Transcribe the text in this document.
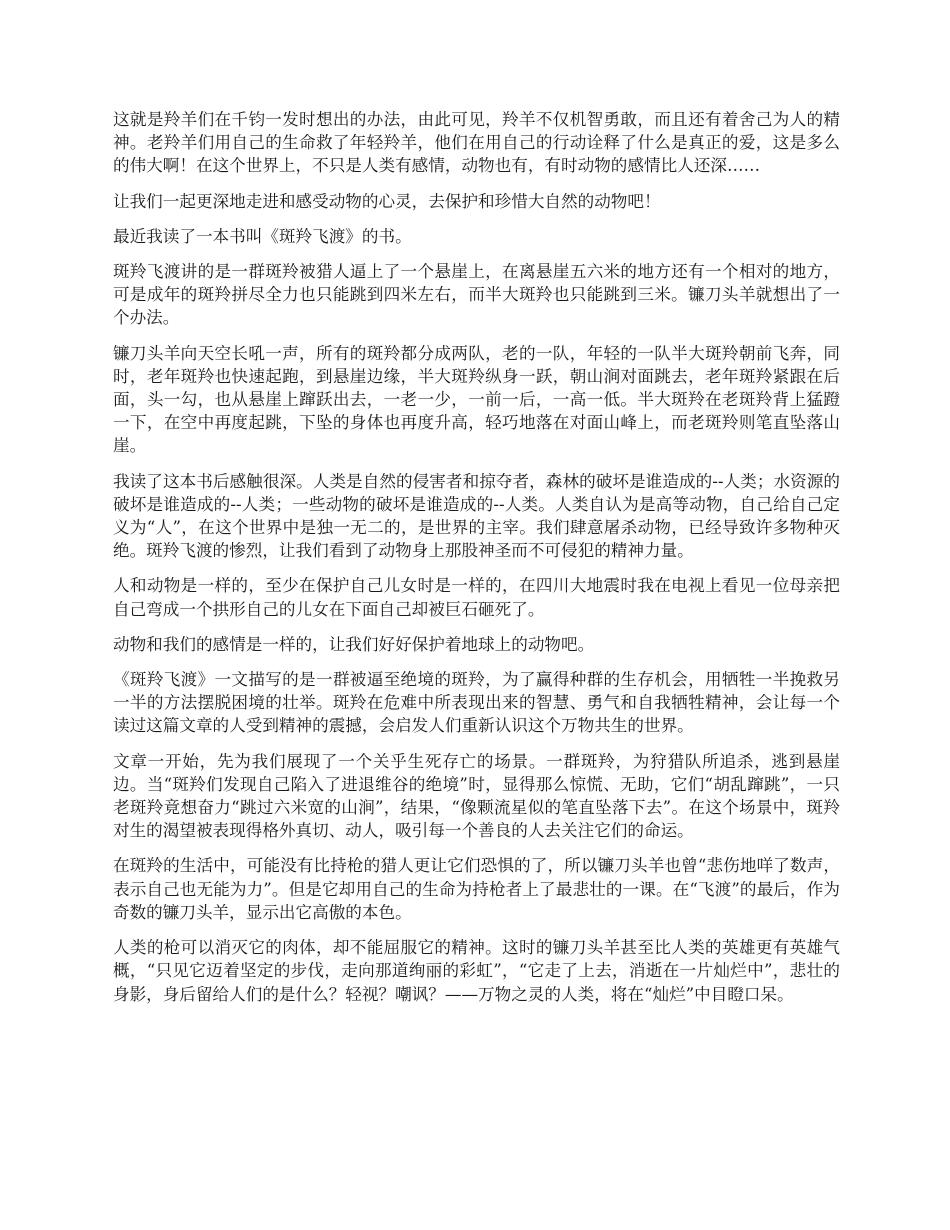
这就是羚羊们在千钧一发时想出的办法，由此可见，羚羊不仅机智勇敢，而且还有着舍己为人的精神。老羚羊们用自己的生命救了年轻羚羊，他们在用自己的行动诠释了什么是真正的爱，这是多么的伟大啊！在这个世界上，不只是人类有感情，动物也有，有时动物的感情比人还深……

让我们一起更深地走进和感受动物的心灵，去保护和珍惜大自然的动物吧！

最近我读了一本书叫《斑羚飞渡》的书。

斑羚飞渡讲的是一群斑羚被猎人逼上了一个悬崖上，在离悬崖五六米的地方还有一个相对的地方，可是成年的斑羚拼尽全力也只能跳到四米左右，而半大斑羚也只能跳到三米。镰刀头羊就想出了一个办法。

镰刀头羊向天空长吼一声，所有的斑羚都分成两队，老的一队，年轻的一队半大斑羚朝前飞奔，同时，老年斑羚也快速起跑，到悬崖边缘，半大斑羚纵身一跃，朝山涧对面跳去，老年斑羚紧跟在后面，头一勾，也从悬崖上蹿跃出去，一老一少，一前一后，一高一低。半大斑羚在老斑羚背上猛蹬一下，在空中再度起跳，下坠的身体也再度升高，轻巧地落在对面山峰上，而老斑羚则笔直坠落山崖。

我读了这本书后感触很深。人类是自然的侵害者和掠夺者，森林的破坏是谁造成的--人类；水资源的破坏是谁造成的--人类；一些动物的破坏是谁造成的--人类。人类自认为是高等动物，自己给自己定义为“人”，在这个世界中是独一无二的，是世界的主宰。我们肆意屠杀动物，已经导致许多物种灭绝。斑羚飞渡的惨烈，让我们看到了动物身上那股神圣而不可侵犯的精神力量。

人和动物是一样的，至少在保护自己儿女时是一样的，在四川大地震时我在电视上看见一位母亲把自己弯成一个拱形自己的儿女在下面自己却被巨石砸死了。

动物和我们的感情是一样的，让我们好好保护着地球上的动物吧。

《斑羚飞渡》一文描写的是一群被逼至绝境的斑羚，为了赢得种群的生存机会，用牺牲一半挽救另一半的方法摆脱困境的壮举。斑羚在危难中所表现出来的智慧、勇气和自我牺牲精神，会让每一个读过这篇文章的人受到精神的震撼，会启发人们重新认识这个万物共生的世界。

文章一开始，先为我们展现了一个关乎生死存亡的场景。一群斑羚，为狩猎队所追杀，逃到悬崖边。当“斑羚们发现自己陷入了进退维谷的绝境”时，显得那么惊慌、无助，它们“胡乱蹿跳”，一只老斑羚竟想奋力“跳过六米宽的山涧”，结果，“像颗流星似的笔直坠落下去”。在这个场景中，斑羚对生的渴望被表现得格外真切、动人，吸引每一个善良的人去关注它们的命运。

在斑羚的生活中，可能没有比持枪的猎人更让它们恐惧的了，所以镰刀头羊也曾“悲伤地咩了数声，表示自己也无能为力”。但是它却用自己的生命为持枪者上了最悲壮的一课。在“飞渡”的最后，作为奇数的镰刀头羊，显示出它高傲的本色。

人类的枪可以消灭它的肉体，却不能屈服它的精神。这时的镰刀头羊甚至比人类的英雄更有英雄气概，“只见它迈着坚定的步伐，走向那道绚丽的彩虹”，“它走了上去，消逝在一片灿烂中”，悲壮的身影，身后留给人们的是什么？轻视？嘲讽？——万物之灵的人类，将在“灿烂”中目瞪口呆。
